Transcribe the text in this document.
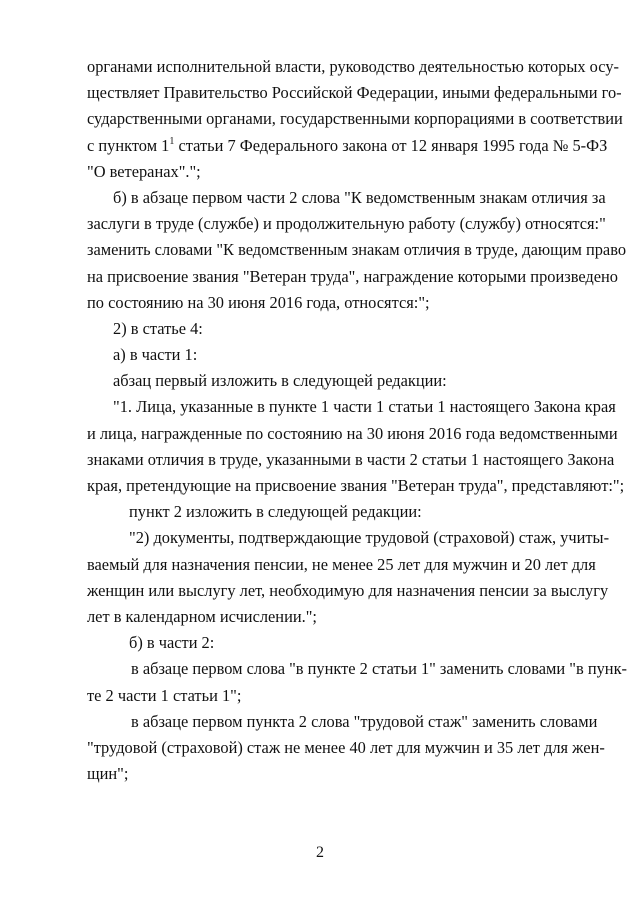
органами исполнительной власти, руководство деятельностью которых осу-
ществляет Правительство Российской Федерации, иными федеральными го-
сударственными органами, государственными корпорациями в соответствии
с пунктом $1^1$ статьи 7 Федерального закона от 12 января 1995 года № 5-ФЗ
"О ветеранах".";
б) в абзаце первом части 2 слова "К ведомственным знакам отличия за
заслуги в труде (службе) и продолжительную работу (службу) относятся:"
заменить словами "К ведомственным знакам отличия в труде, дающим право
на присвоение звания "Ветеран труда", награждение которыми произведено
по состоянию на 30 июня 2016 года, относятся:";
2) в статье 4:
а) в части 1:
абзац первый изложить в следующей редакции:
"1. Лица, указанные в пункте 1 части 1 статьи 1 настоящего Закона края
и лица, награжденные по состоянию на 30 июня 2016 года ведомственными
знаками отличия в труде, указанными в части 2 статьи 1 настоящего Закона
края, претендующие на присвоение звания "Ветеран труда", представляют:";
пункт 2 изложить в следующей редакции:
"2) документы, подтверждающие трудовой (страховой) стаж, учиты-
ваемый для назначения пенсии, не менее 25 лет для мужчин и 20 лет для
женщин или выслугу лет, необходимую для назначения пенсии за выслугу
лет в календарном исчислении.";
б) в части 2:
в абзаце первом слова "в пункте 2 статьи 1" заменить словами "в пунк-
те 2 части 1 статьи 1";
в абзаце первом пункта 2 слова "трудовой стаж" заменить словами
"трудовой (страховой) стаж не менее 40 лет для мужчин и 35 лет для жен-
щин";
2
